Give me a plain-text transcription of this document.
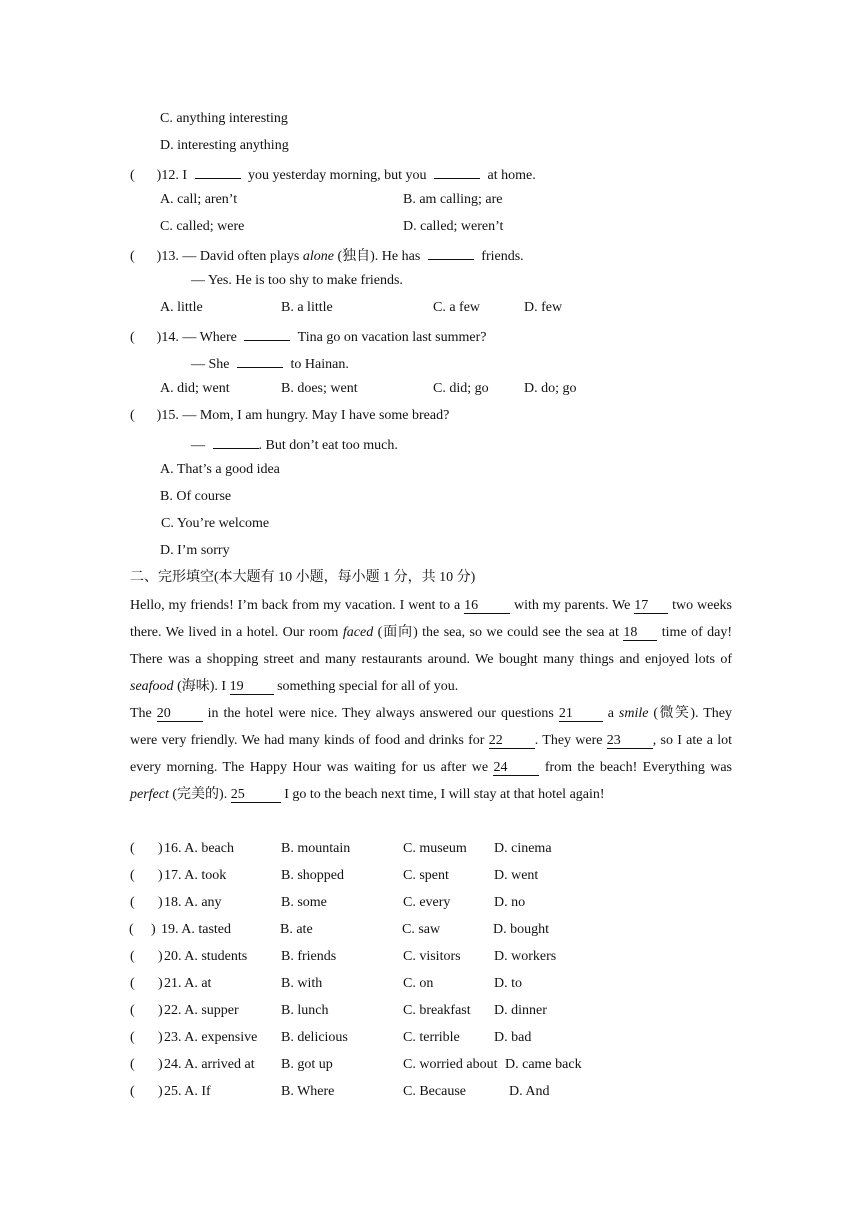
C. anything interesting
D. interesting anything
( )12. I	you yesterday morning, but you	at home.
A. call; aren’t	B. am calling; are
C. called; were	D. called; weren’t
( )13. — David often plays alone (独自). He has	friends.
— Yes. He is too shy to make friends.
A. little	B. a little	C. a few	D. few
( )14. — Where	Tina go on vacation last summer?
— She	to Hainan.
A. did; went	B. does; went	C. did; go	D. do; go
( )15. — Mom, I am hungry. May I have some bread?
—	. But don’t eat too much.
A. That’s a good idea
B. Of course
C. You’re welcome
D. I’m sorry
二、完形填空(本大题有 10 小题，每小题 1 分，共 10 分)
Hello, my friends! I’m back from my vacation. I went to a 16	with my parents. We 17 two weeks there. We lived in a hotel. Our room faced (面向) the sea, so we could see the sea at 18 time of day! There was a shopping street and many restaurants around. We bought many things and enjoyed lots of seafood (海味). I 19 something special for all of you.
The 20	in the hotel were nice. They always answered our questions 21 a smile (微笑). They were very friendly. We had many kinds of food and drinks for 22 . They were 23 , so I ate a lot every morning. The Happy Hour was waiting for us after we 24	from the beach! Everything was perfect (完美的). 25	I go to the beach next time, I will stay at that hotel again!
( ) 16. A. beach	B. mountain	C. museum D. cinema
( ) 17. A. took	B. shopped	C. spent	D. went
( ) 18. A. any	B. some	C. every	D. no
( ) 19. A. tasted	B. ate	C. saw	D. bought
( ) 20. A. students B. friends	C. visitors D. workers
( ) 21. A. at	B. with	C. on	D. to
( ) 22. A. supper	B. lunch	C. breakfast D. dinner
( ) 23. A. expensive B. delicious	C. terrible D. bad
( ) 24. A. arrived at B. got up	C. worried about D. came back
( ) 25. A. If	B. Where	C. Because	D. And
